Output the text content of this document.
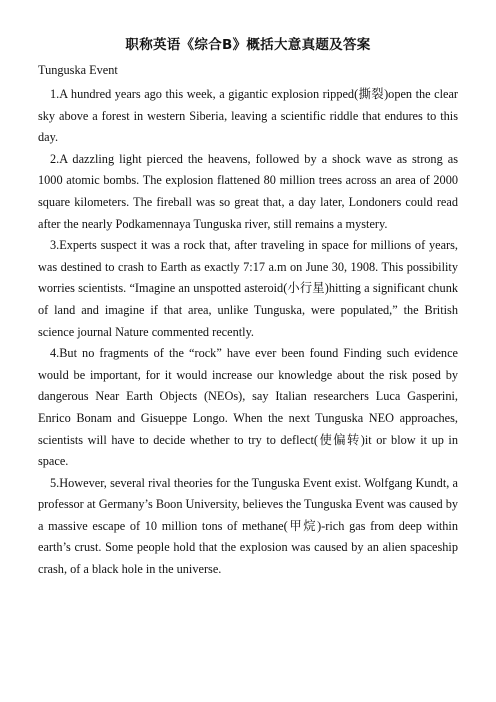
职称英语《综合B》概括大意真题及答案
Tunguska Event

1.A hundred years ago this week, a gigantic explosion ripped(撕裂)open the clear sky above a forest in western Siberia, leaving a scientific riddle that endures to this day.

2.A dazzling light pierced the heavens, followed by a shock wave as strong as 1000 atomic bombs. The explosion flattened 80 million trees across an area of 2000 square kilometers. The fireball was so great that, a day later, Londoners could read after the nearly Podkamennaya Tunguska river, still remains a mystery.

3.Experts suspect it was a rock that, after traveling in space for millions of years, was destined to crash to Earth as exactly 7:17 a.m on June 30, 1908. This possibility worries scientists. “Imagine an unspotted asteroid(小行星)hitting a significant chunk of land and imagine if that area, unlike Tunguska, were populated,” the British science journal Nature commented recently.

4.But no fragments of the “rock” have ever been found Finding such evidence would be important, for it would increase our knowledge about the risk posed by dangerous Near Earth Objects (NEOs), say Italian researchers Luca Gasperini, Enrico Bonam and Gisueppe Longo. When the next Tunguska NEO approaches, scientists will have to decide whether to try to deflect(使偏转)it or blow it up in space.

5.However, several rival theories for the Tunguska Event exist. Wolfgang Kundt, a professor at Germany’s Boon University, believes the Tunguska Event was caused by a massive escape of 10 million tons of methane(甲烷)-rich gas from deep within earth’s crust. Some people hold that the explosion was caused by an alien spaceship crash, of a black hole in the universe.
